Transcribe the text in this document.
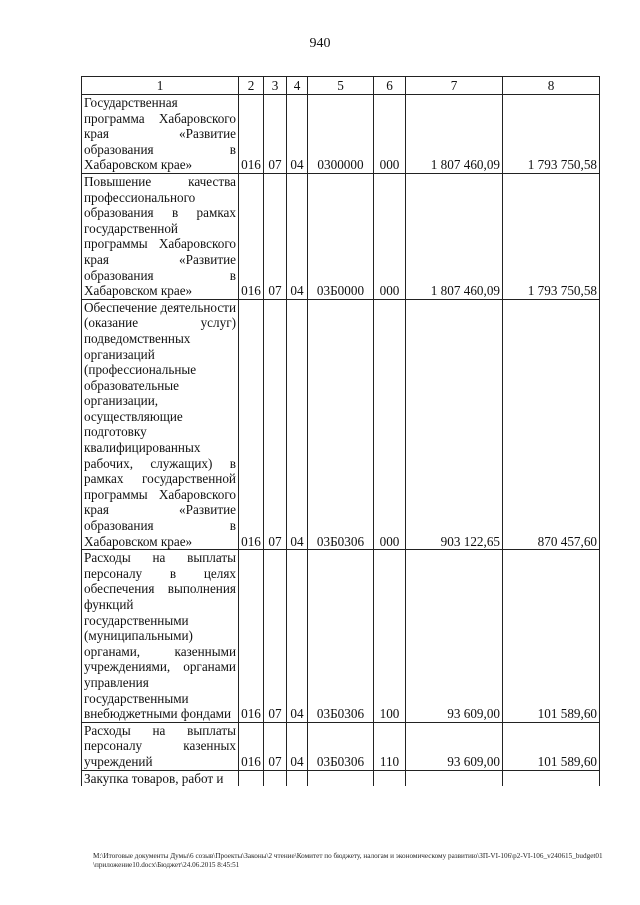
940
1	2	3	4	5	6	7	8
Государственная программа Хабаровского края «Развитие образования в Хабаровском крае»	016	07	04	0300000	000	1 807 460,09	1 793 750,58
Повышение качества профессионального образования в рамках государственной программы Хабаровского края «Развитие образования в Хабаровском крае»	016	07	04	03Б0000	000	1 807 460,09	1 793 750,58
Обеспечение деятельности (оказание услуг) подведомственных организаций (профессиональные образовательные организации, осуществляющие подготовку квалифицированных рабочих, служащих) в рамках государственной программы Хабаровского края «Развитие образования в Хабаровском крае»	016	07	04	03Б0306	000	903 122,65	870 457,60
Расходы на выплаты персоналу в целях обеспечения выполнения функций государственными (муниципальными) органами, казенными учреждениями, органами управления государственными внебюджетными фондами	016	07	04	03Б0306	100	93 609,00	101 589,60
Расходы на выплаты персоналу казенных учреждений	016	07	04	03Б0306	110	93 609,00	101 589,60
Закупка товаров, работ и							
M:\Итоговые документы Думы\6 созыв\Проекты\Законы\2 чтение\Комитет по бюджету, налогам и экономическому развитию\ЗП-VI-106\р2-VI-106_v240615_budget01\приложение10.docx\Бюджет\24.06.2015 8:45:51
